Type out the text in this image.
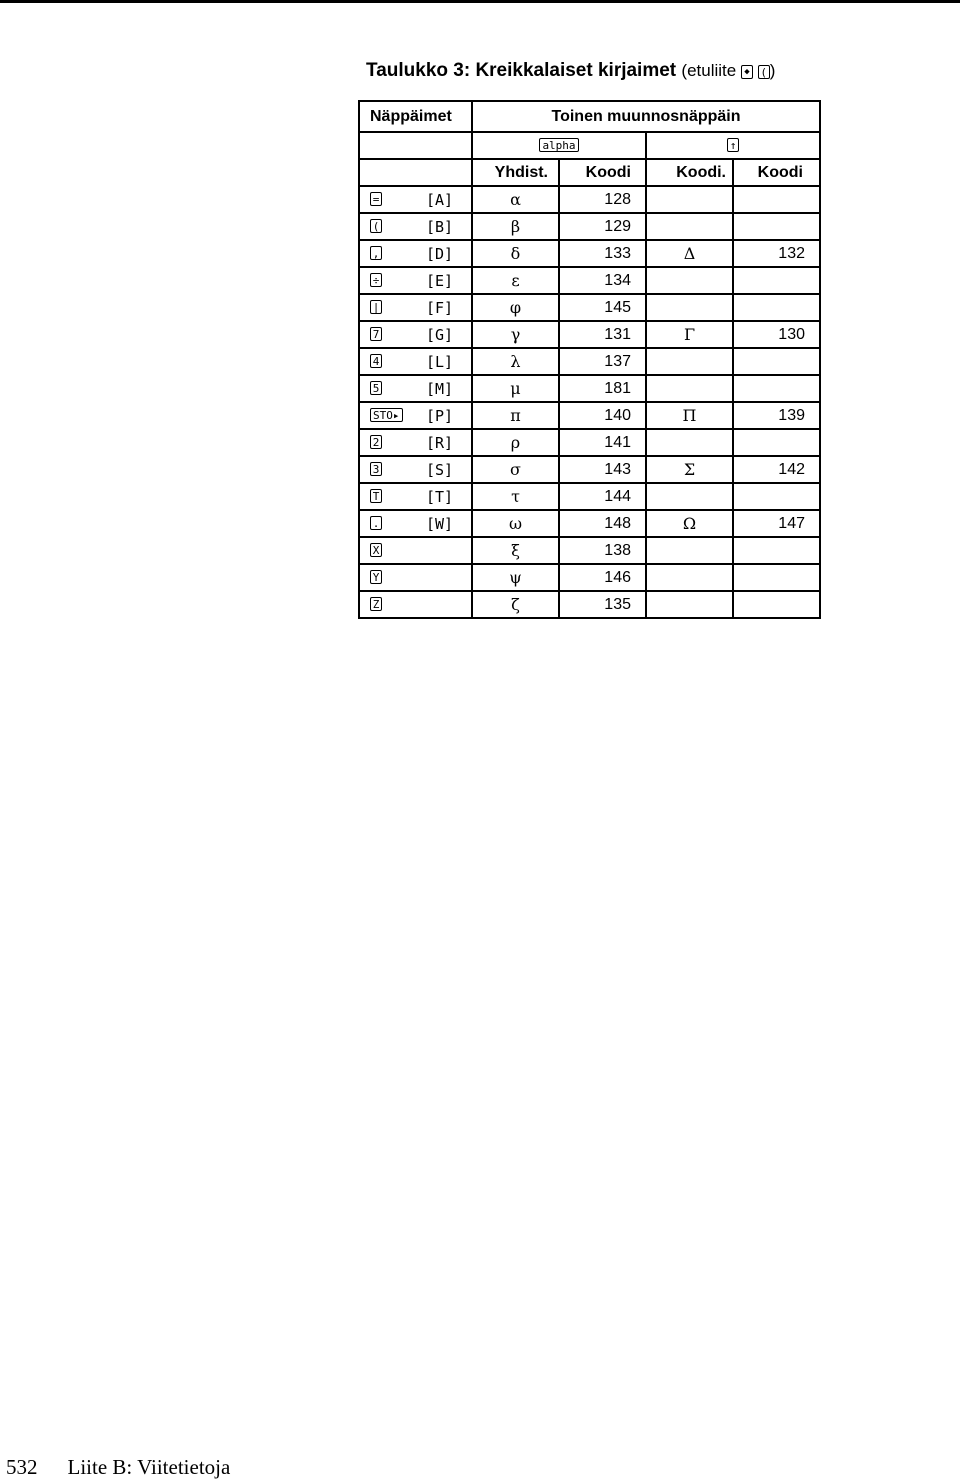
Taulukko 3: Kreikkalaiset kirjaimet (etuliite ◆ ( )
Näppäimet	Toinen muunnosnäppäin			
	alpha		↑	
	Yhdist.	Koodi	Koodi.	Koodi
= [A]	α	128		
( [B]	β	129		
, [D]	δ	133	Δ	132
÷ [E]	ε	134		
| [F]	φ	145		
7 [G]	γ	131	Γ	130
4 [L]	λ	137		
5 [M]	μ	181		
STO▸ [P]	π	140	Π	139
2 [R]	ρ	141		
3 [S]	σ	143	Σ	142
T [T]	τ	144		
. [W]	ω	148	Ω	147
X	ξ	138		
Y	ψ	146		
Z	ζ	135		
532 Liite B: Viitetietoja
